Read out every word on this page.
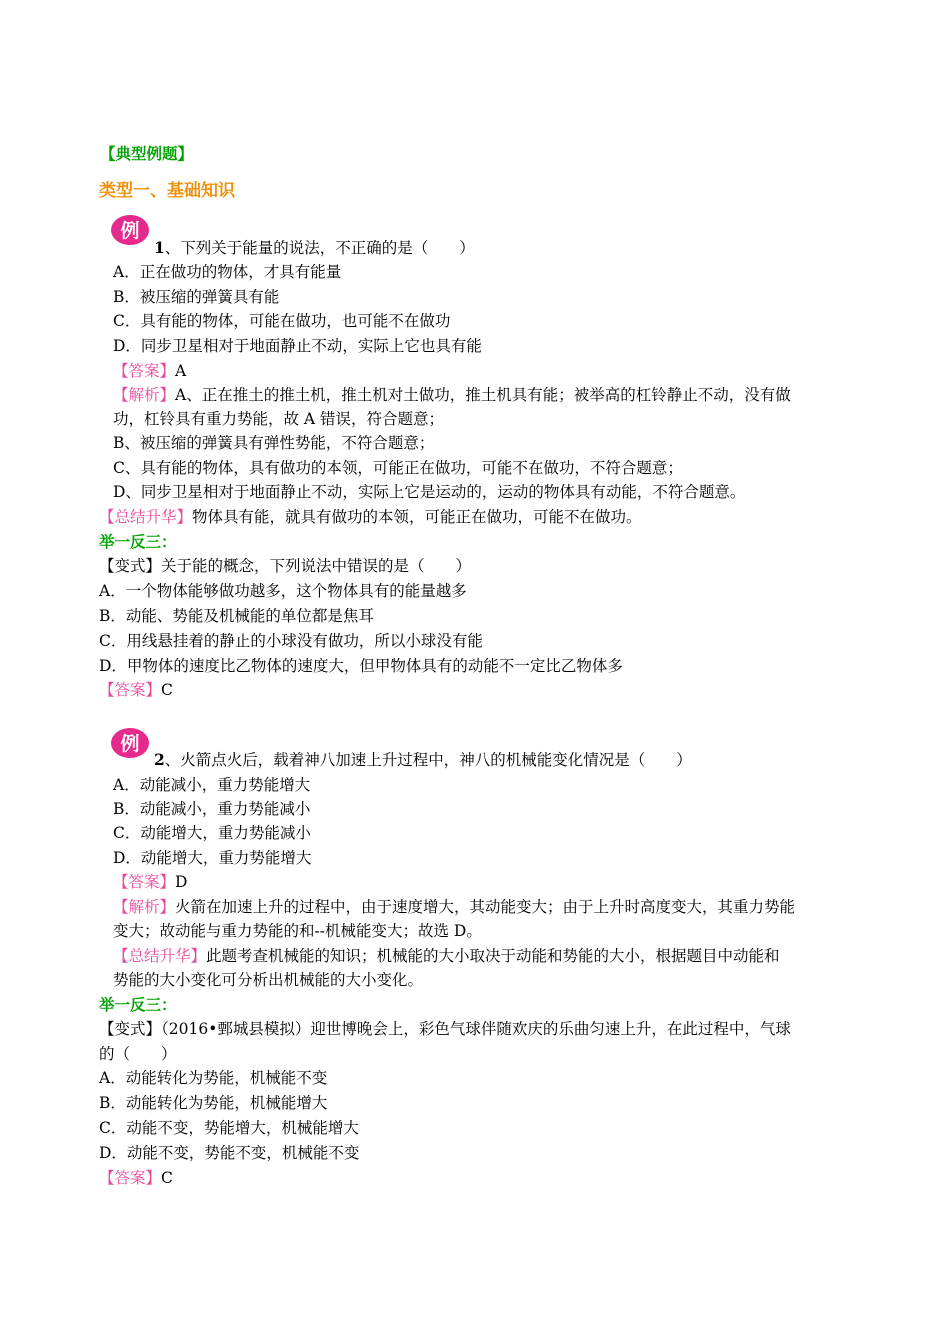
【典型例题】
类型一、基础知识
例
1、下列关于能量的说法，不正确的是（　　）
A．正在做功的物体，才具有能量
B．被压缩的弹簧具有能
C．具有能的物体，可能在做功，也可能不在做功
D．同步卫星相对于地面静止不动，实际上它也具有能
【答案】A
【解析】A、正在推土的推土机，推土机对土做功，推土机具有能；被举高的杠铃静止不动，没有做
功，杠铃具有重力势能，故 A 错误，符合题意；
B、被压缩的弹簧具有弹性势能，不符合题意；
C、具有能的物体，具有做功的本领，可能正在做功，可能不在做功，不符合题意；
D、同步卫星相对于地面静止不动，实际上它是运动的，运动的物体具有动能，不符合题意。
【总结升华】物体具有能，就具有做功的本领，可能正在做功，可能不在做功。
举一反三：
【变式】关于能的概念，下列说法中错误的是（　　）
A．一个物体能够做功越多，这个物体具有的能量越多
B．动能、势能及机械能的单位都是焦耳
C．用线悬挂着的静止的小球没有做功，所以小球没有能
D．甲物体的速度比乙物体的速度大，但甲物体具有的动能不一定比乙物体多
【答案】C
例
2、火箭点火后，载着神八加速上升过程中，神八的机械能变化情况是（　　）
A．动能减小，重力势能增大
B．动能减小，重力势能减小
C．动能增大，重力势能减小
D．动能增大，重力势能增大
【答案】D
【解析】火箭在加速上升的过程中，由于速度增大，其动能变大；由于上升时高度变大，其重力势能
变大；故动能与重力势能的和--机械能变大；故选 D。
【总结升华】此题考查机械能的知识；机械能的大小取决于动能和势能的大小，根据题目中动能和
势能的大小变化可分析出机械能的大小变化。
举一反三：
【变式】（2016•鄄城县模拟）迎世博晚会上，彩色气球伴随欢庆的乐曲匀速上升，在此过程中，气球
的（　　）
A．动能转化为势能，机械能不变
B．动能转化为势能，机械能增大
C．动能不变，势能增大，机械能增大
D．动能不变，势能不变，机械能不变
【答案】C
